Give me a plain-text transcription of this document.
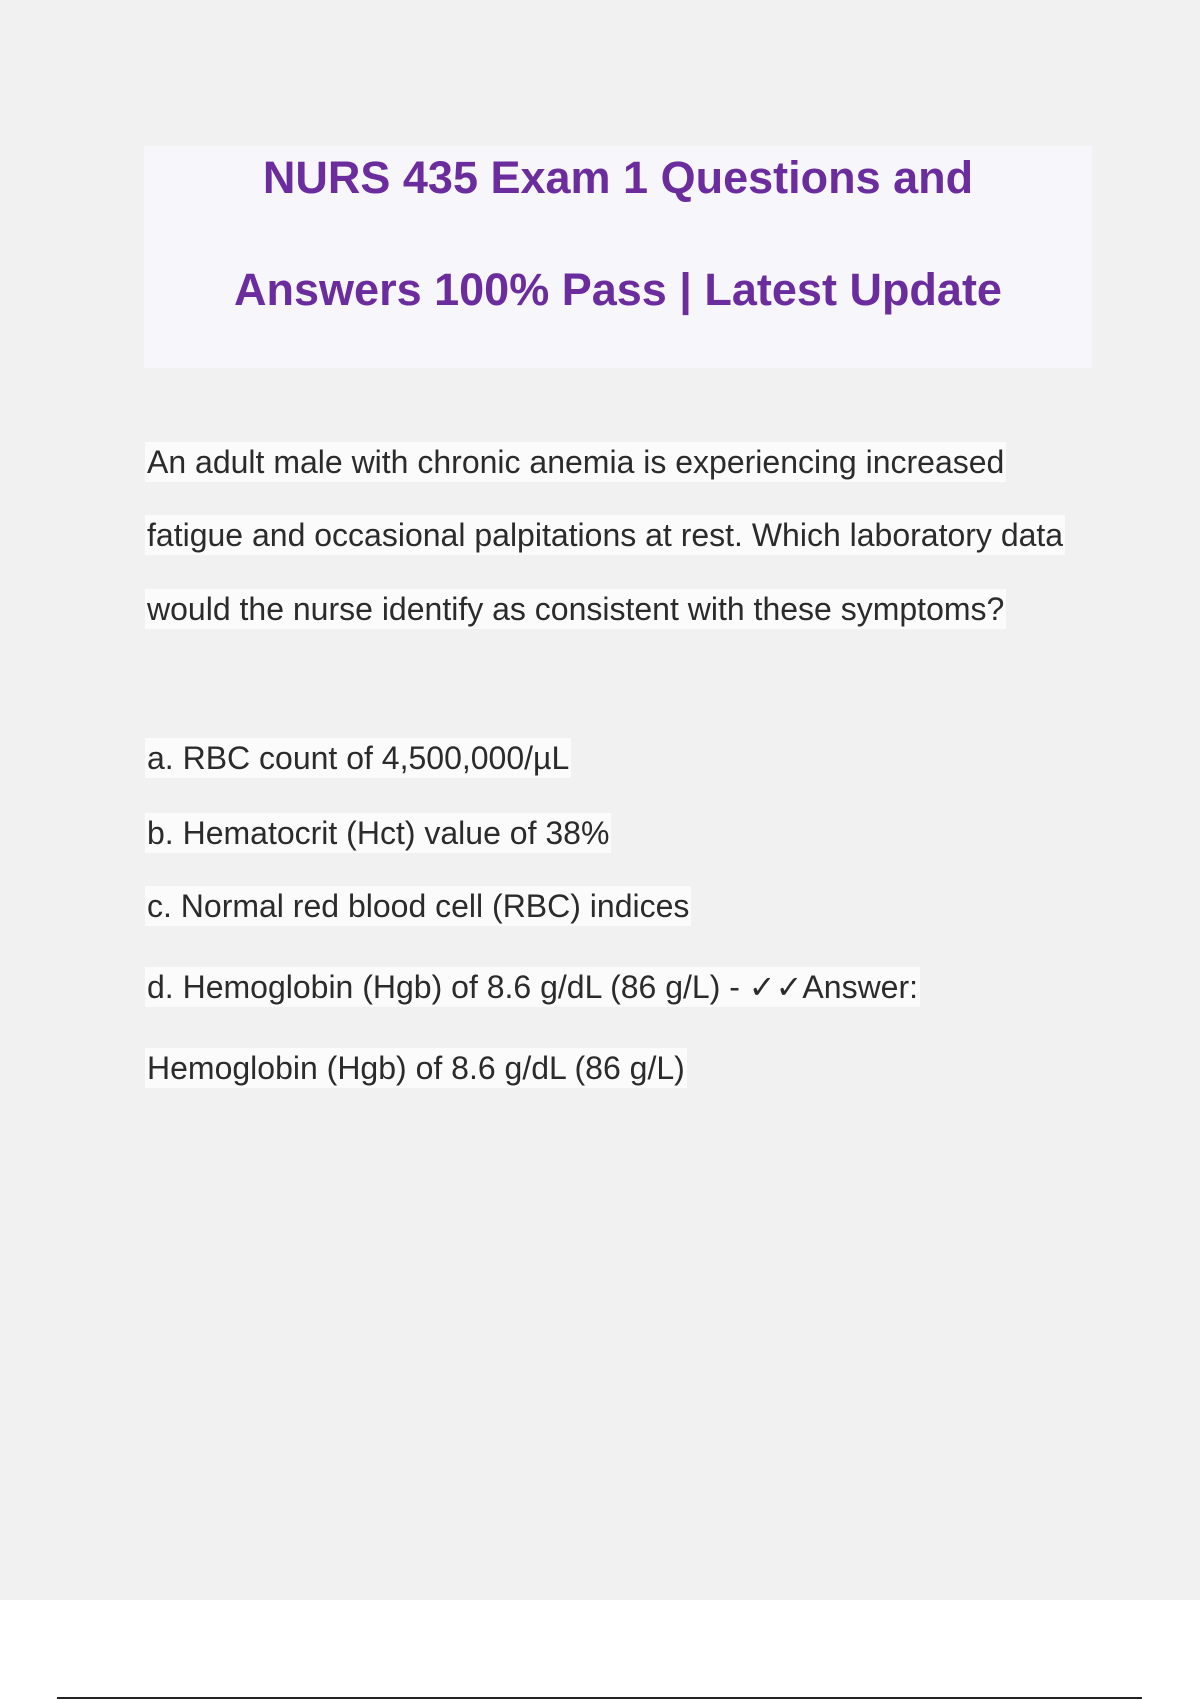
NURS 435 Exam 1 Questions and
Answers 100% Pass | Latest Update
An adult male with chronic anemia is experiencing increased
fatigue and occasional palpitations at rest. Which laboratory data
would the nurse identify as consistent with these symptoms?
a. RBC count of 4,500,000/µL
b. Hematocrit (Hct) value of 38%
c. Normal red blood cell (RBC) indices
d. Hemoglobin (Hgb) of 8.6 g/dL (86 g/L) - ✓✓Answer:
Hemoglobin (Hgb) of 8.6 g/dL (86 g/L)
